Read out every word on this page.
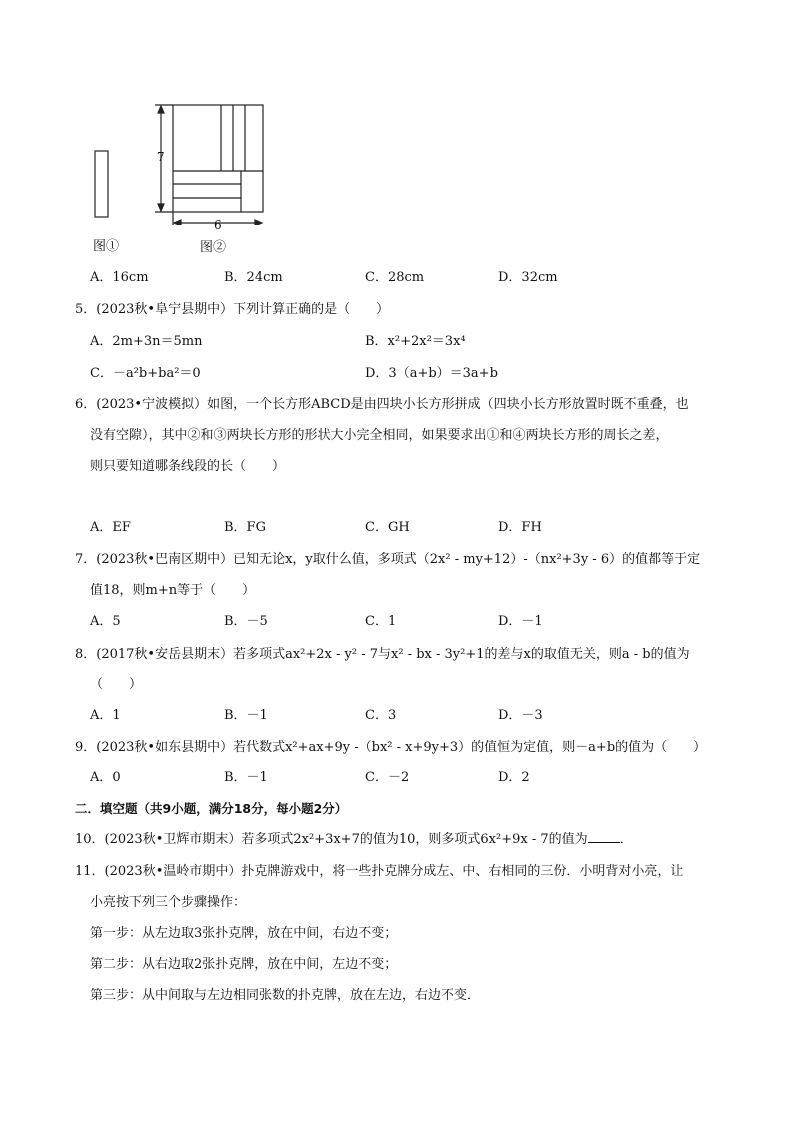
7
6
图①	图②
A．16cm	B．24cm	C．28cm	D．32cm
5．(2023秋•阜宁县期中）下列计算正确的是（　　）
A．2m+3n＝5mn	B．x²+2x²＝3x⁴
C．－a²b+ba²＝0	D．3（a+b）＝3a+b
6．(2023•宁波模拟）如图，一个长方形ABCD是由四块小长方形拼成（四块小长方形放置时既不重叠，也
没有空隙），其中②和③两块长方形的形状大小完全相同，如果要求出①和④两块长方形的周长之差，
则只要知道哪条线段的长（　　）
A．EF	B．FG	C．GH	D．FH
7．(2023秋•巴南区期中）已知无论x，y取什么值，多项式（2x² - my+12）-（nx²+3y - 6）的值都等于定
值18，则m+n等于（　　）
A．5	B．－5	C．1	D．－1
8．(2017秋•安岳县期末）若多项式ax²+2x - y² - 7与x² - bx - 3y²+1的差与x的取值无关，则a - b的值为
（　　）
A．1	B．－1	C．3	D．－3
9．(2023秋•如东县期中）若代数式x²+ax+9y -（bx² - x+9y+3）的值恒为定值，则－a+b的值为（　　）
A．0	B．－1	C．－2	D．2
二．填空题（共9小题，满分18分，每小题2分）
10．(2023秋•卫辉市期末）若多项式2x²+3x+7的值为10，则多项式6x²+9x - 7的值为 ．
11．(2023秋•温岭市期中）扑克牌游戏中，将一些扑克牌分成左、中、右相同的三份．小明背对小亮，让
小亮按下列三个步骤操作：
第一步：从左边取3张扑克牌，放在中间，右边不变；
第二步：从右边取2张扑克牌，放在中间，左边不变；
第三步：从中间取与左边相同张数的扑克牌，放在左边，右边不变．
